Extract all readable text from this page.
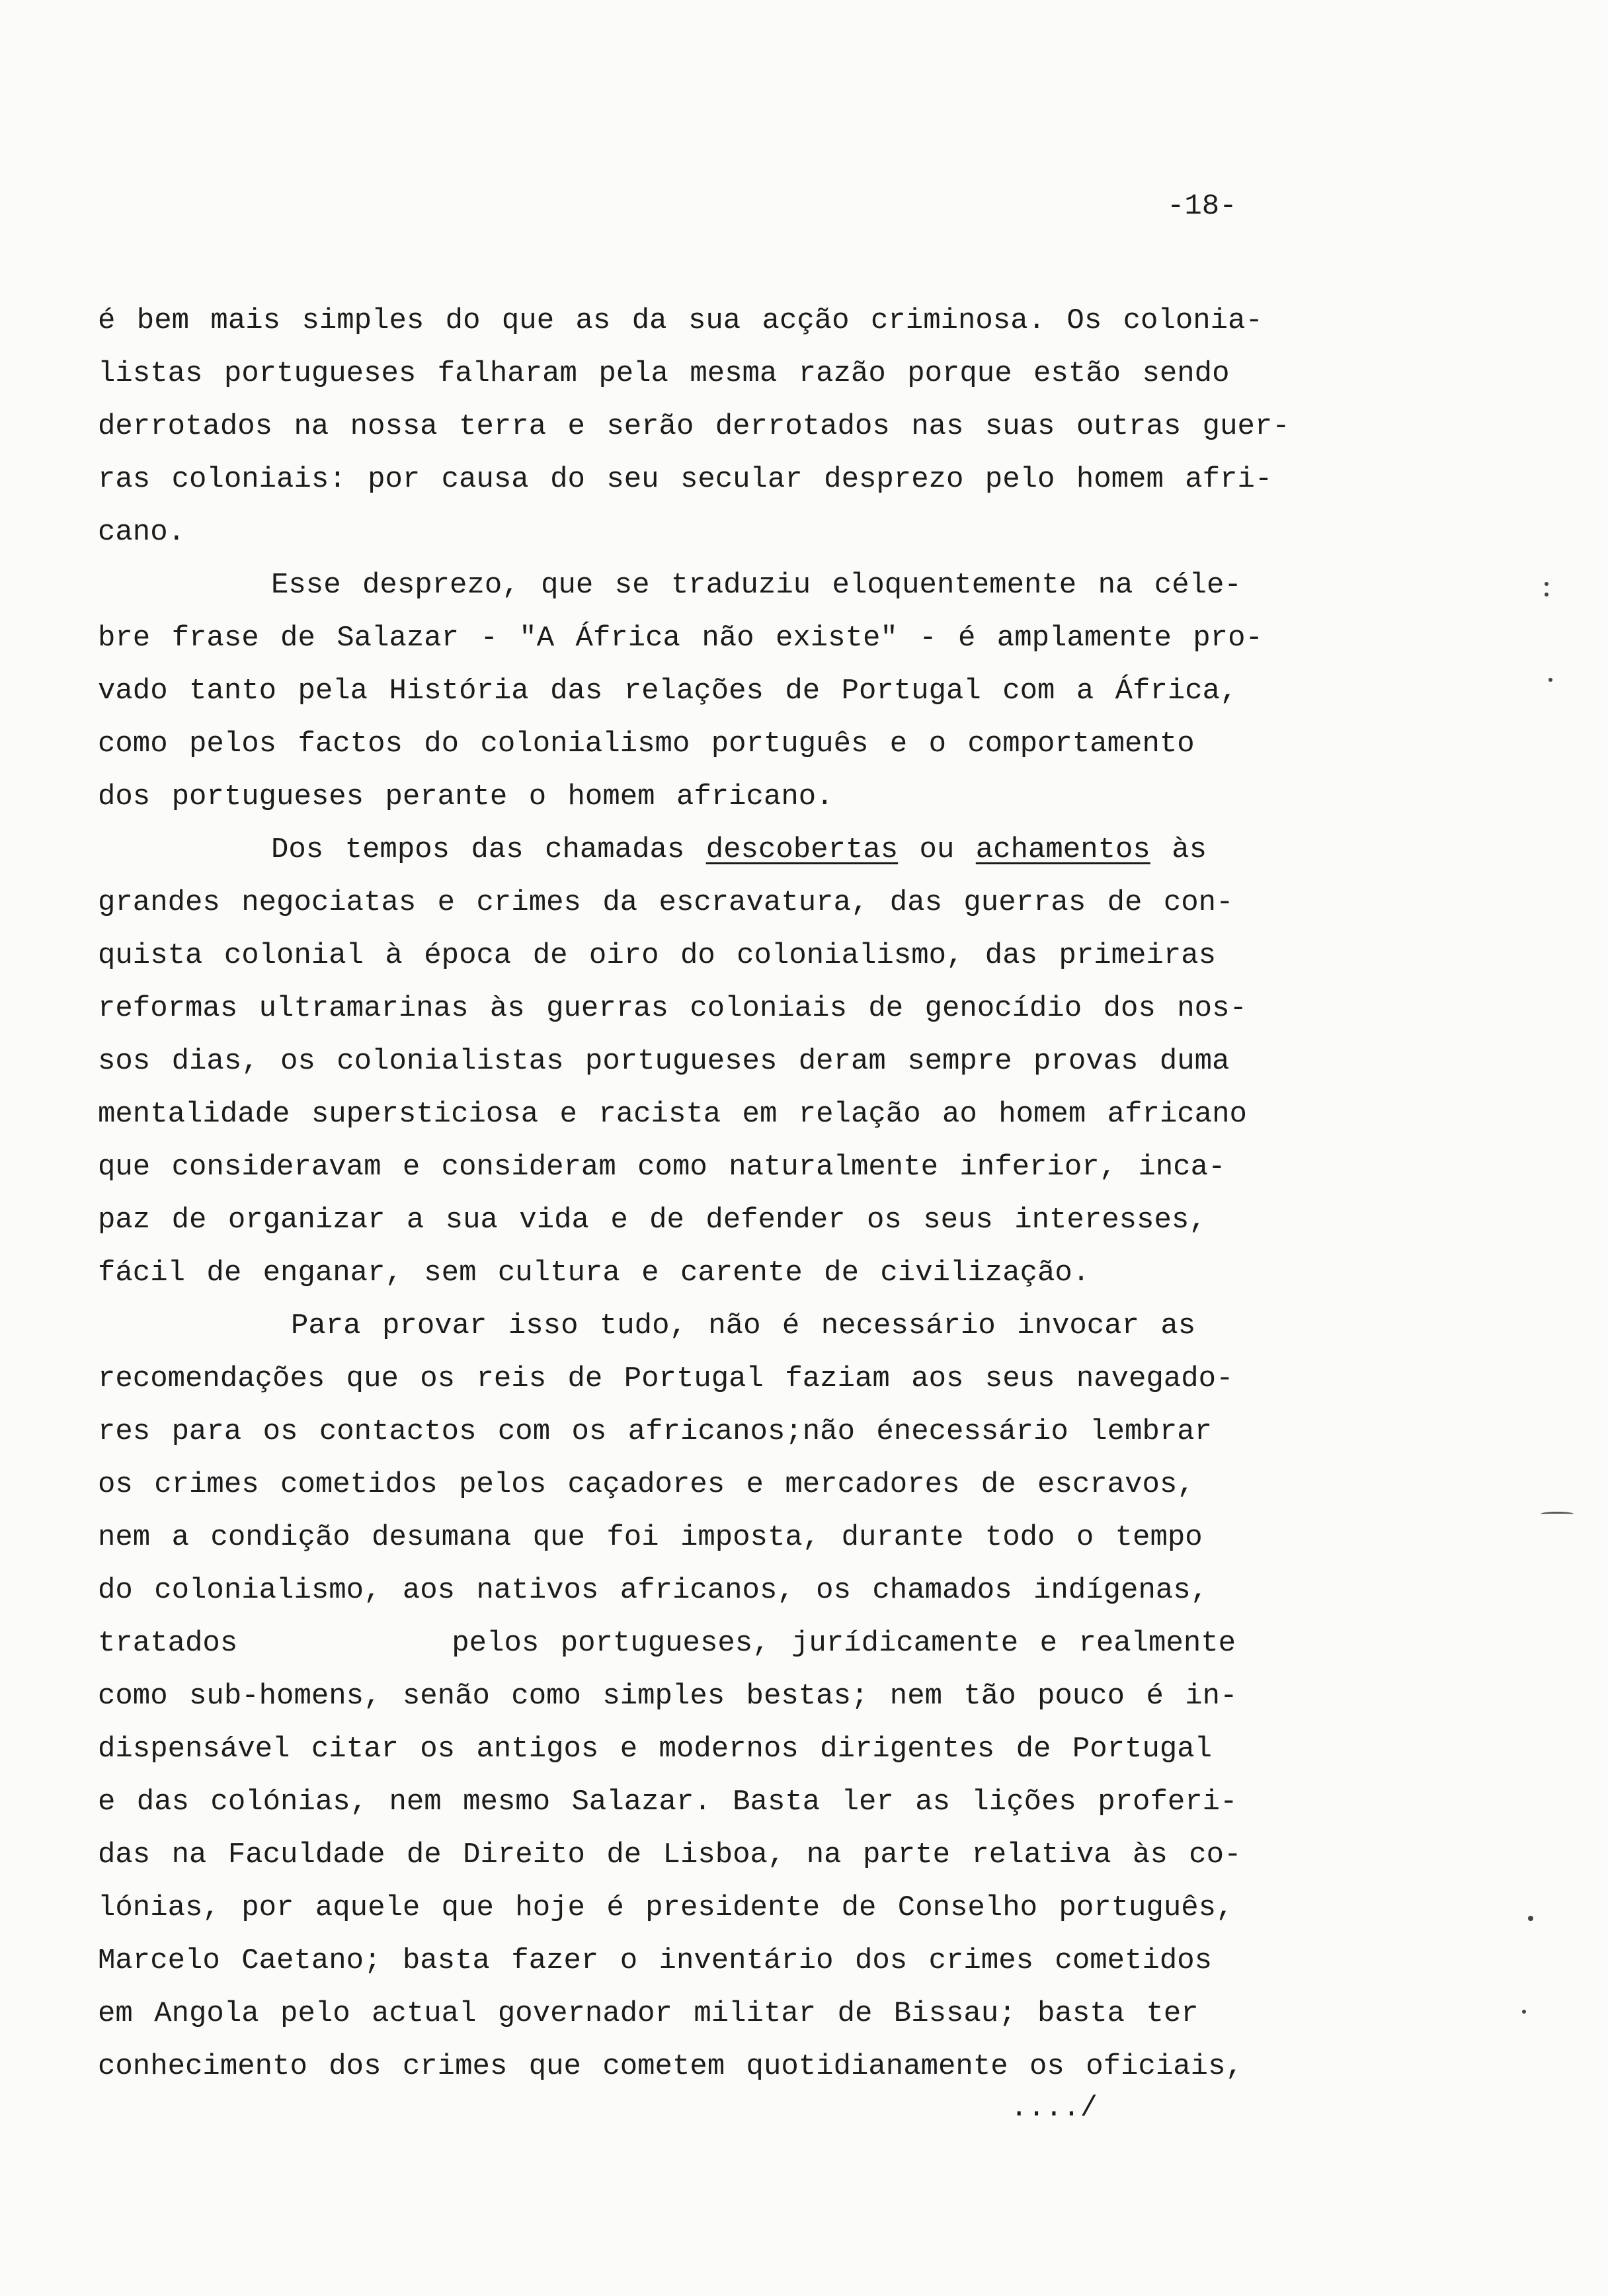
-18-
é bem mais simples do que as da sua acção criminosa. Os colonia-
listas portugueses falharam pela mesma razão porque estão sendo
derrotados na nossa terra e serão derrotados nas suas outras guer-
ras coloniais: por causa do seu secular desprezo pelo homem afri-
cano.
Esse desprezo, que se traduziu eloquentemente na céle-
bre frase de Salazar - "A África não existe" - é amplamente pro-
vado tanto pela História das relações de Portugal com a África,
como pelos factos do colonialismo português e o comportamento
dos portugueses perante o homem africano.
Dos tempos das chamadas descobertas ou achamentos às
grandes negociatas e crimes da escravatura, das guerras de con-
quista colonial à época de oiro do colonialismo, das primeiras
reformas ultramarinas às guerras coloniais de genocídio dos nos-
sos dias, os colonialistas portugueses deram sempre provas duma
mentalidade supersticiosa e racista em relação ao homem africano
que consideravam e consideram como naturalmente inferior, inca-
paz de organizar a sua vida e de defender os seus interesses,
fácil de enganar, sem cultura e carente de civilização.
Para provar isso tudo, não é necessário invocar as
recomendações que os reis de Portugal faziam aos seus navegado-
res para os contactos com os africanos;não énecessário lembrar
os crimes cometidos pelos caçadores e mercadores de escravos,
nem a condição desumana que foi imposta, durante todo o tempo
do colonialismo, aos nativos africanos, os chamados indígenas,
tratados          pelos portugueses, jurídicamente e realmente
como sub-homens, senão como simples bestas; nem tão pouco é in-
dispensável citar os antigos e modernos dirigentes de Portugal
e das colónias, nem mesmo Salazar. Basta ler as lições proferi-
das na Faculdade de Direito de Lisboa, na parte relativa às co-
lónias, por aquele que hoje é presidente de Conselho português,
Marcelo Caetano; basta fazer o inventário dos crimes cometidos
em Angola pelo actual governador militar de Bissau; basta ter
conhecimento dos crimes que cometem quotidianamente os oficiais,
..../
